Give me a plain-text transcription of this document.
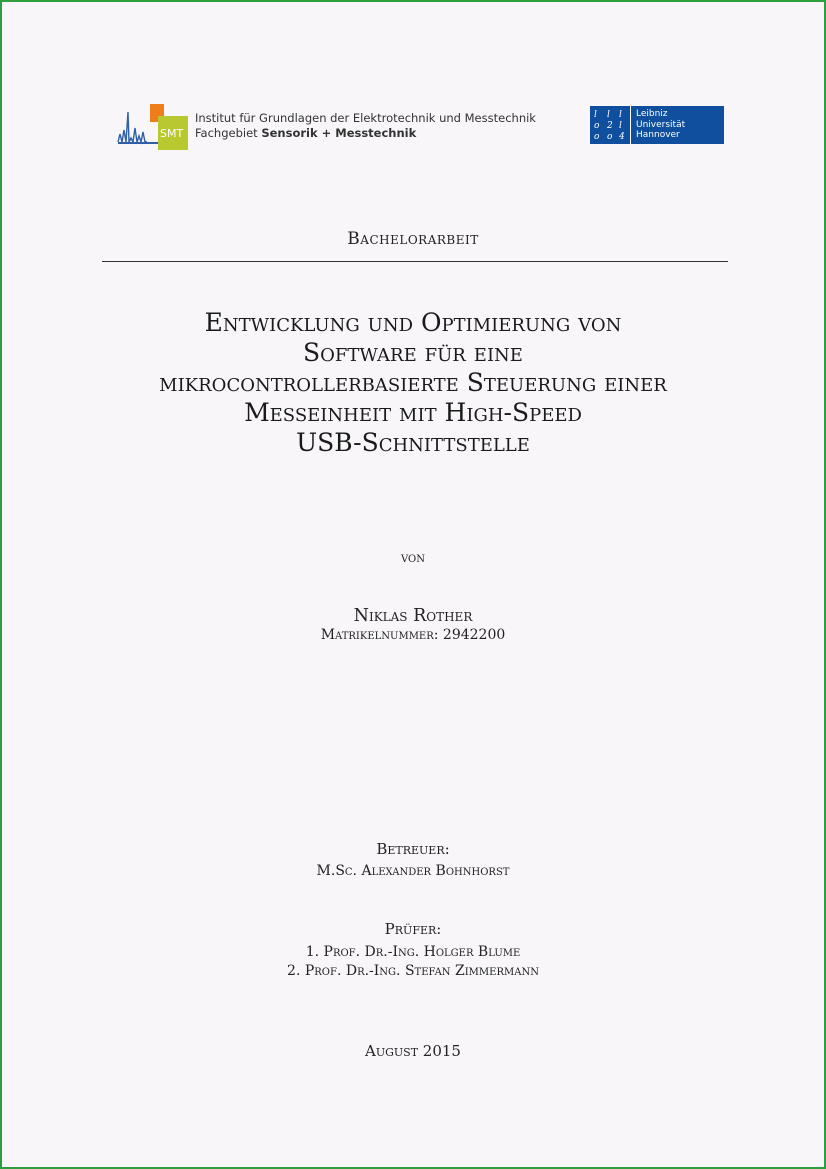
SMT
Institut für Grundlagen der Elektrotechnik und Messtechnik
Fachgebiet Sensorik + Messtechnik
l l l
o 2 l
o o 4
Leibniz
Universität
Hannover
Bachelorarbeit
Entwicklung und Optimierung von
Software für eine
mikrocontrollerbasierte Steuerung einer
Messeinheit mit High-Speed
USB-Schnittstelle
von
Niklas Rother
Matrikelnummer: 2942200
Betreuer:
M.Sc. Alexander Bohnhorst
Prüfer:
1. Prof. Dr.-Ing. Holger Blume
2. Prof. Dr.-Ing. Stefan Zimmermann
August 2015
